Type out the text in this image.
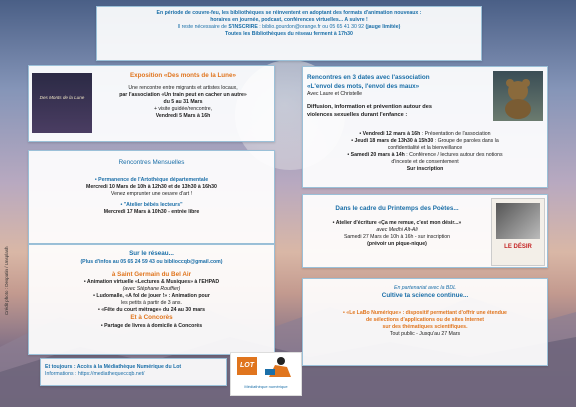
Crédit photo : Despatin / Unsplash
En période de couvre-feu, les bibliothèques se réinventent en adoptant des formats d'animation nouveaux :
horaires en journée, podcast, conférences virtuelles... A suivre !
Il reste nécessaire de S'INSCRIRE : biblio.gourdon@orange.fr ou 05 65 41 30 92 (jauge limitée)
Toutes les Bibliothèques du réseau ferment à 17h30
Des Monts de la Lune
Exposition «Des monts de la Lune»
Une rencontre entre migrants et artistes locaux,
par l'association «Un train peut en cacher un autre»
du 5 au 31 Mars
+ visite guidée/rencontre,
Vendredi 5 Mars à 16h
Rencontres Mensuelles
• Permanence de l'Artothèque départementale
Mercredi 10 Mars de 10h à 12h30 et de 13h30 à 16h30
Venez emprunter une oeuvre d'art !
• "Atelier bébés lecteurs"
Mercredi 17 Mars à 10h30 - entrée libre
Sur le réseau...
(Plus d'infos au 05 65 24 59 43 ou biblioccqb@gmail.com)
à Saint Germain du Bel Air
• Animation virtuelle «Lectures & Musiques» à l'EHPAD
(avec Stéphane Rouffier)
• Ludomalle, «A fol de jouer !» : Animation pour
les petits à partir de 3 ans.
• «Fête du court métrage» du 24 au 30 mars
Et à Concorès
• Partage de livres à domicile à Concorès
Et toujours : Accès à la Médiathèque Numérique du Lot
Informations : https://mediathequeccqb.net/
LOT
Médiathèque numérique
Rencontres en 3 dates avec l'association
«L'envol des mots, l'envol des maux»
Avec Laure et Christelle
Diffusion, information et prévention autour des
violences sexuelles durant l'enfance :
• Vendredi 12 mars à 16h : Présentation de l'association
• Jeudi 18 mars de 13h30 à 15h30 : Groupe de paroles dans la
confidentialité et la bienveillance
• Samedi 20 mars à 14h : Conférence / lectures autour des notions
d'inceste et de consentement
Sur inscription
Dans le cadre du Printemps des Poètes...
• Atelier d'écriture «Ça me remue, c'est mon désir...»
avec Medhi Alt-Ali
Samedi 27 Mars de 10h à 16h - sur inscription
(prévoir un pique-nique)
LE DÉSIR
En partenariat avec la BDL
Cultive ta science continue...
• «Le LaBo Numérique» : dispositif permettant d'offrir une étendue
de sélections d'applications ou de sites Internet
sur des thématiques scientifiques.
Tout public - Jusqu'au 27 Mars
